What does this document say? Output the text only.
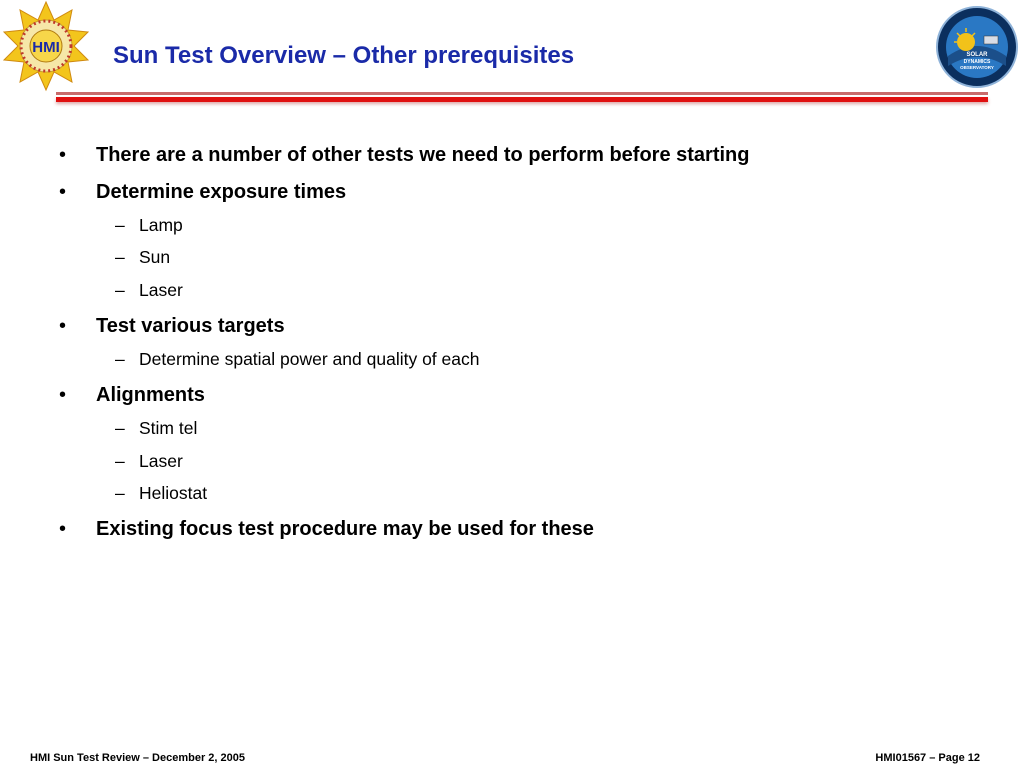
HMI	SOLAR
DYNAMICS
OBSERVATORY
Sun Test Overview – Other prerequisites
• There are a number of other tests we need to perform before starting
• Determine exposure times
– Lamp
– Sun
– Laser
• Test various targets
– Determine spatial power and quality of each
• Alignments
– Stim tel
– Laser
– Heliostat
• Existing focus test procedure may be used for these
HMI Sun Test Review – December 2, 2005	HMI01567 – Page 12
